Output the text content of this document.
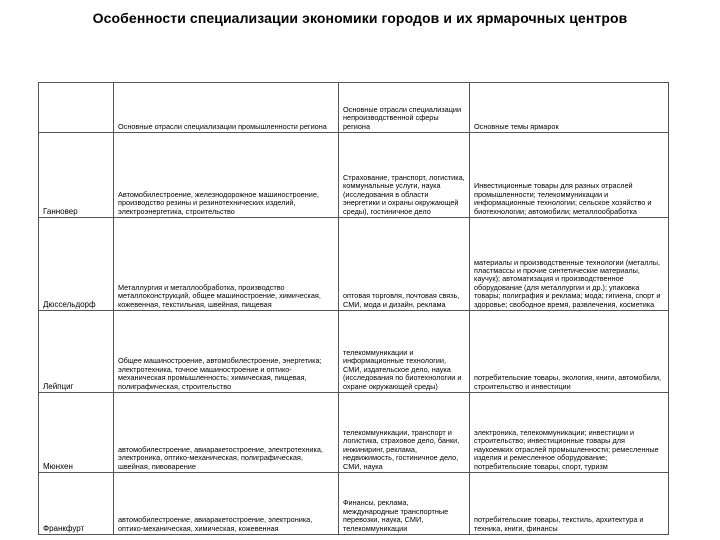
Особенности специализации экономики городов и их ярмарочных центров
	Основные отрасли специализации промышленности региона	Основные отрасли специализации непроизводственной сферы региона	Основные темы ярмарок
Ганновер	Автомобилестроение, железнодорожное машиностроение, производство резины и резинотехнических изделий, электроэнергетика, строительство	Страхование, транспорт, логистика, коммунальные услуги, наука (исследования в области энергетики и охраны окружающей среды), гостиничное дело	Инвестиционные товары для разных отраслей промышленности; телекоммуникации и информационные технологии; сельское хозяйство и биотехнологии; автомобили; металлообработка
Дюссельдорф	Металлургия и металлообработка, производство металлоконструкций, общее машиностроение, химическая, кожевенная, текстильная, швейная, пищевая	оптовая торговля, почтовая связь, СМИ, мода и дизайн, реклама	материалы и производственные технологии (металлы, пластмассы и прочие синтетические материалы, каучук); автоматизация и производственное оборудование (для металлургии и др.); упаковка товары; полиграфия и реклама; мода; гигиена, спорт и здоровье; свободное время, развлечения, косметика
Лейпциг	Общее машиностроение, автомобилестроение, энергетика; электротехника, точное машиностроение и оптико-механическая промышленность; химическая, пищевая, полиграфическая, строительство	телекоммуникации и информационные технологии, СМИ, издательское дело, наука (исследования по биотехнологии и охране окружающей среды)	потребительские товары, экология, книги, автомобили, строительство и инвестиции
Мюнхен	автомобилестроение, авиаракетостроение, электротехника, электроника, оптико-механическая, полиграфическая, швейная, пивоварение	телекоммуникации, транспорт и логистика, страховое дело, банки, инжиниринг, реклама, недвижимость, гостиничное дело, СМИ, наука	электроника, телекоммуникации; инвестиции и строительство; инвестиционные товары для наукоемких отраслей промышленности; ремесленные изделия и ремесленное оборудование; потребительские товары, спорт, туризм
Франкфурт	автомобилестроение, авиаракетостроение, электроника, оптико-механическая, химическая, кожевенная	Финансы, реклама, международные транспортные перевозки, наука, СМИ, телекоммуникации	потребительские товары, текстиль, архитектура и техника, книги, финансы
